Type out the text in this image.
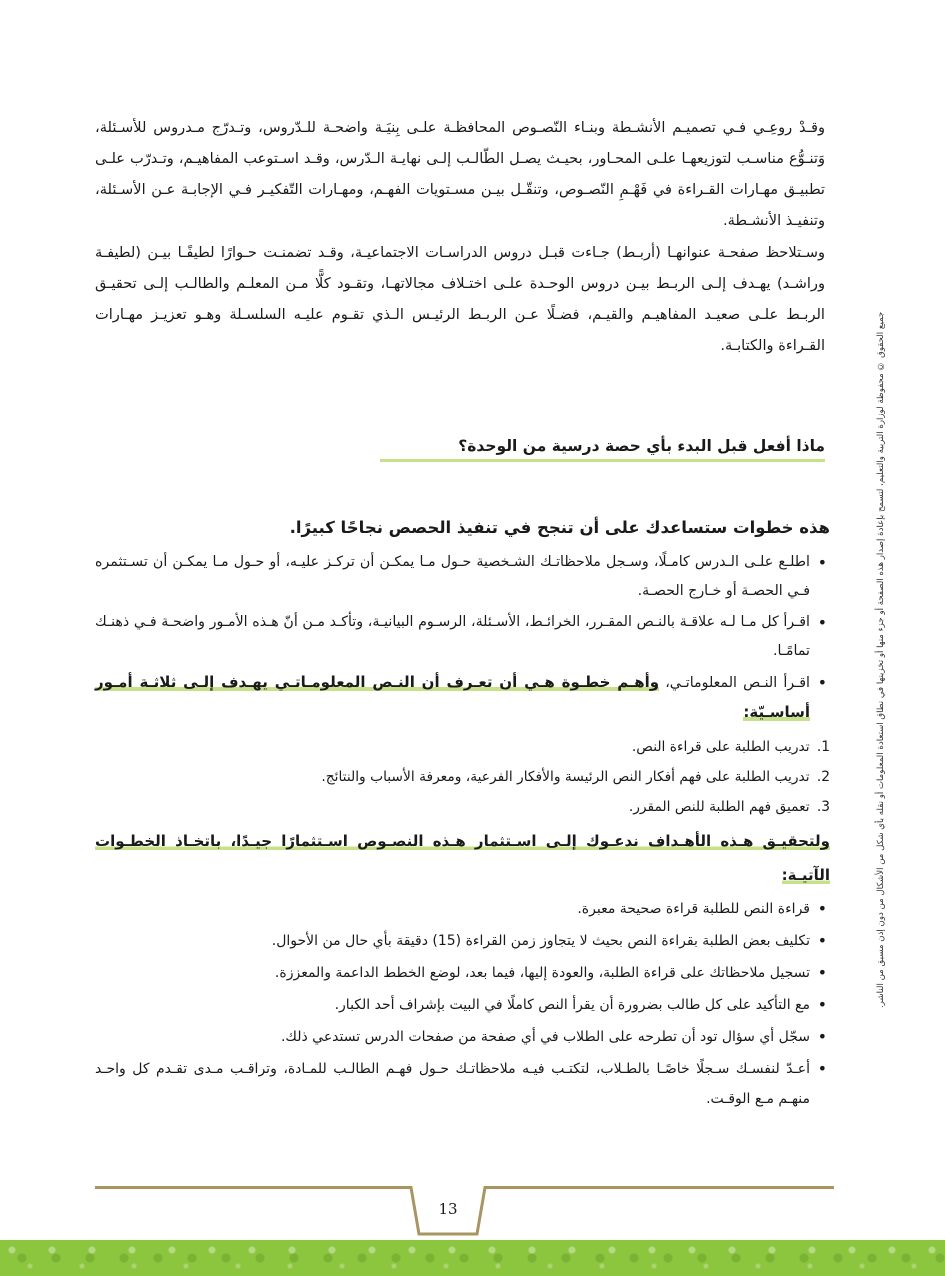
وقـدْ روعِـي فـي تصميـم الأنشـطة وبنـاء النّصـوص المحافظـة علـى بِنيَـة واضحـة للـدّروس، وتـدرّج مـدروس للأسـئلة، وَتنـوُّع مناسـب لتوزيعهـا علـى المحـاور، بحيـث يصـل الطّالـب إلـى نهايـة الـدّرس، وقـد اسـتوعب المفاهيـم، وتـدرّب علـى تطبيـق مهـارات القـراءة في فَهْـمِ النّصـوص، وتنقّـل بيـن مسـتويات الفهـم، ومهـارات التّفكيـر فـي الإجابـة عـن الأسـئلة، وتنفيـذ الأنشـطة.

وسـتلاحظ صفحـة عنوانهـا (أربـط) جـاءت قبـل دروس الدراسـات الاجتماعيـة، وقـد تضمنـت حـوارًا لطيفًـا بيـن (لطيفـة وراشـد) يهـدف إلـى الربـط بيـن دروس الوحـدة علـى اختـلاف مجالاتهـا، وتقـود كلًّا مـن المعلـم والطالـب إلـى تحقيـق الربـط علـى صعيـد المفاهيـم والقيـم، فضـلًا عـن الربـط الرئيـس الـذي تقـوم عليـه السلسـلة وهـو تعزيـز مهـارات القـراءة والكتابـة.

ماذا أفعل قبل البدء بأي حصة درسية من الوحدة؟
هذه خطوات ستساعدك على أن تنجح في تنفيذ الحصص نجاحًا كبيرًا.
• اطلـع علـى الـدرس كامـلًا، وسـجل ملاحظاتـك الشـخصية حـول مـا يمكـن أن تركـز عليـه، أو حـول مـا يمكـن أن تسـتثمره فـي الحصـة أو خـارج الحصـة.
• اقـرأ كل مـا لـه علاقـة بالنـص المقـرر، الخرائـط، الأسـئلة، الرسـوم البيانيـة، وتأكـد مـن أنّ هـذه الأمـور واضحـة فـي ذهنـك تمامًـا.
• اقـرأ النـص المعلوماتـي، وأهـم خطـوة هـي أن تعـرف أن النـص المعلومـاتـي يهـدف إلـى ثلاثـة أمـور أساسـيّة:
1. تدريب الطلبة على قراءة النص.
2. تدريب الطلبة على فهم أفكار النص الرئيسة والأفكار الفرعية، ومعرفة الأسباب والنتائج.
3. تعميق فهم الطلبة للنص المقرر.

ولتحقيـق هـذه الأهـداف ندعـوك إلـى اسـتثمار هـذه النصـوص اسـتثمارًا جيـدًا، باتخـاذ الخطـوات الآتيـة:

• قراءة النص للطلبة قراءة صحيحة معبرة.
• تكليف بعض الطلبة بقراءة النص بحيث لا يتجاوز زمن القراءة (15) دقيقة بأي حال من الأحوال.
• تسجيل ملاحظاتك على قراءة الطلبة، والعودة إليها، فيما بعد، لوضع الخطط الداعمة والمعززة.
• مع التأكيد على كل طالب بضرورة أن يقرأ النص كاملًا في البيت بإشراف أحد الكبار.
• سجّل أي سؤال تود أن تطرحه على الطلاب في أي صفحة من صفحات الدرس تستدعي ذلك.
• أعـدّ لنفسـك سـجلًا خاصًـا بالطـلاب، لتكتـب فيـه ملاحظاتـك حـول فهـم الطالـب للمـادة، وتراقـب مـدى تقـدم كل واحـد منهـم مـع الوقـت.
جميع الحقوق © محفوظة لوزارة التربية والتعليم، لتسمح بإعادة إصدار هذه الصفحة أو جزء منها أو تخزينها في نطاق استعادة المعلومات أو نقله بأي شكل من الأشكال من دون إذن مسبق من الناشر.
13
